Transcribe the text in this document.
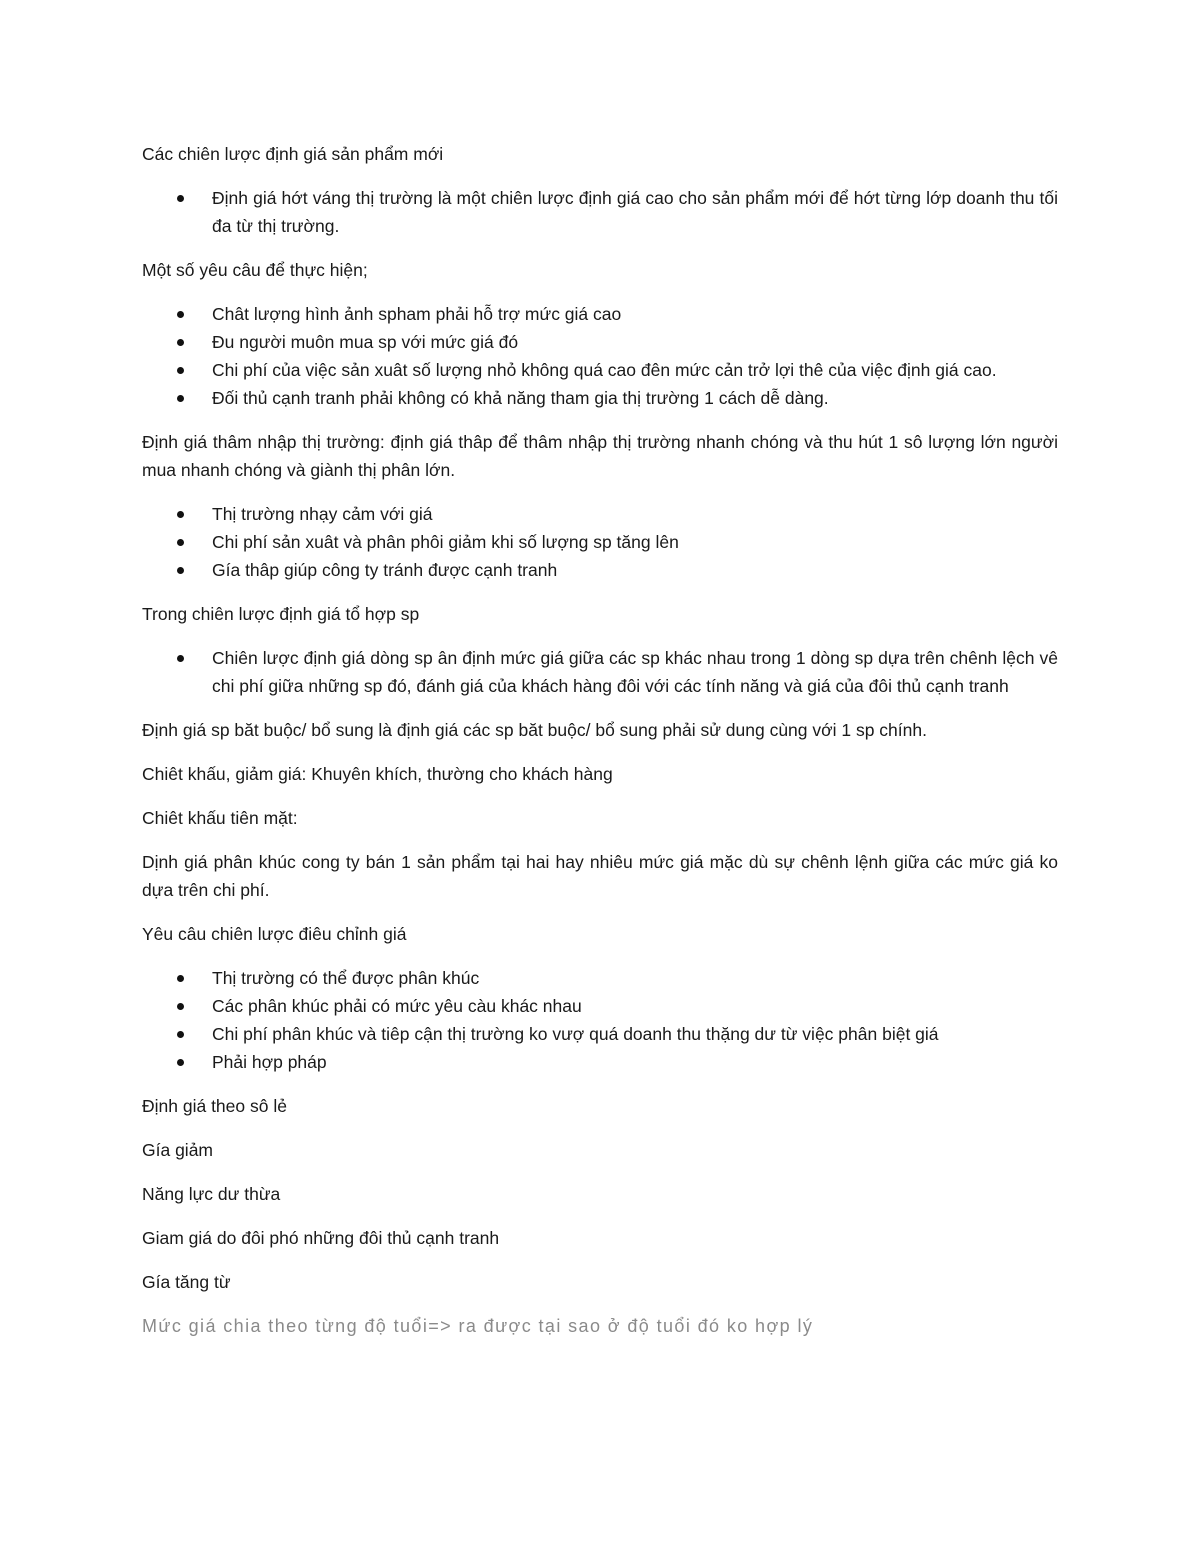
Các chiên lược định giá sản phẩm mới

Định giá hớt váng thị trường là một chiên lược định giá cao cho sản phẩm mới để hớt từng lớp doanh thu tối đa từ thị trường.

Một số yêu câu để thực hiện;

Chât lượng hình ảnh spham phải hỗ trợ mức giá cao
Đu người muôn mua sp với mức giá đó
Chi phí của việc sản xuât số lượng nhỏ không quá cao đên mức cản trở lợi thê của việc định giá cao.
Đối thủ cạnh tranh phải không có khả năng tham gia thị trường 1 cách dễ dàng.

Định giá thâm nhập thị trường: định giá thâp để thâm nhập thị trường nhanh chóng và thu hút 1 sô lượng lớn người mua nhanh chóng và giành thị phân lớn.

Thị trường nhạy cảm với giá
Chi phí sản xuât và phân phôi giảm khi số lượng sp tăng lên
Gía thâp giúp công ty tránh được cạnh tranh

Trong chiên lược định giá tổ hợp sp

Chiên lược định giá dòng sp ân định mức giá giữa các sp khác nhau trong 1 dòng sp dựa trên chênh lệch vê chi phí giữa những sp đó, đánh giá của khách hàng đôi với các tính năng và giá của đôi thủ cạnh tranh

Định giá sp băt buộc/ bổ sung là định giá các sp băt buộc/ bổ sung phải sử dung cùng với 1 sp chính.

Chiêt khấu, giảm giá: Khuyên khích, thường cho khách hàng

Chiêt khấu tiên mặt:

Dịnh giá phân khúc cong ty bán 1 sản phẩm tại hai hay nhiêu mức giá mặc dù sự chênh lệnh giữa các mức giá ko dựa trên chi phí.

Yêu câu chiên lược điêu chỉnh giá

Thị trường có thể được phân khúc
Các phân khúc phải có mức yêu càu khác nhau
Chi phí phân khúc và tiêp cận thị trường ko vượ quá doanh thu thặng dư từ việc phân biệt giá
Phải hợp pháp

Định giá theo sô lẻ

Gía giảm

Năng lực dư thừa

Giam giá do đôi phó những đôi thủ cạnh tranh

Gía tăng từ

Mức giá chia theo từng độ tuổi=> ra được tại sao ở độ tuổi đó ko hợp lý
